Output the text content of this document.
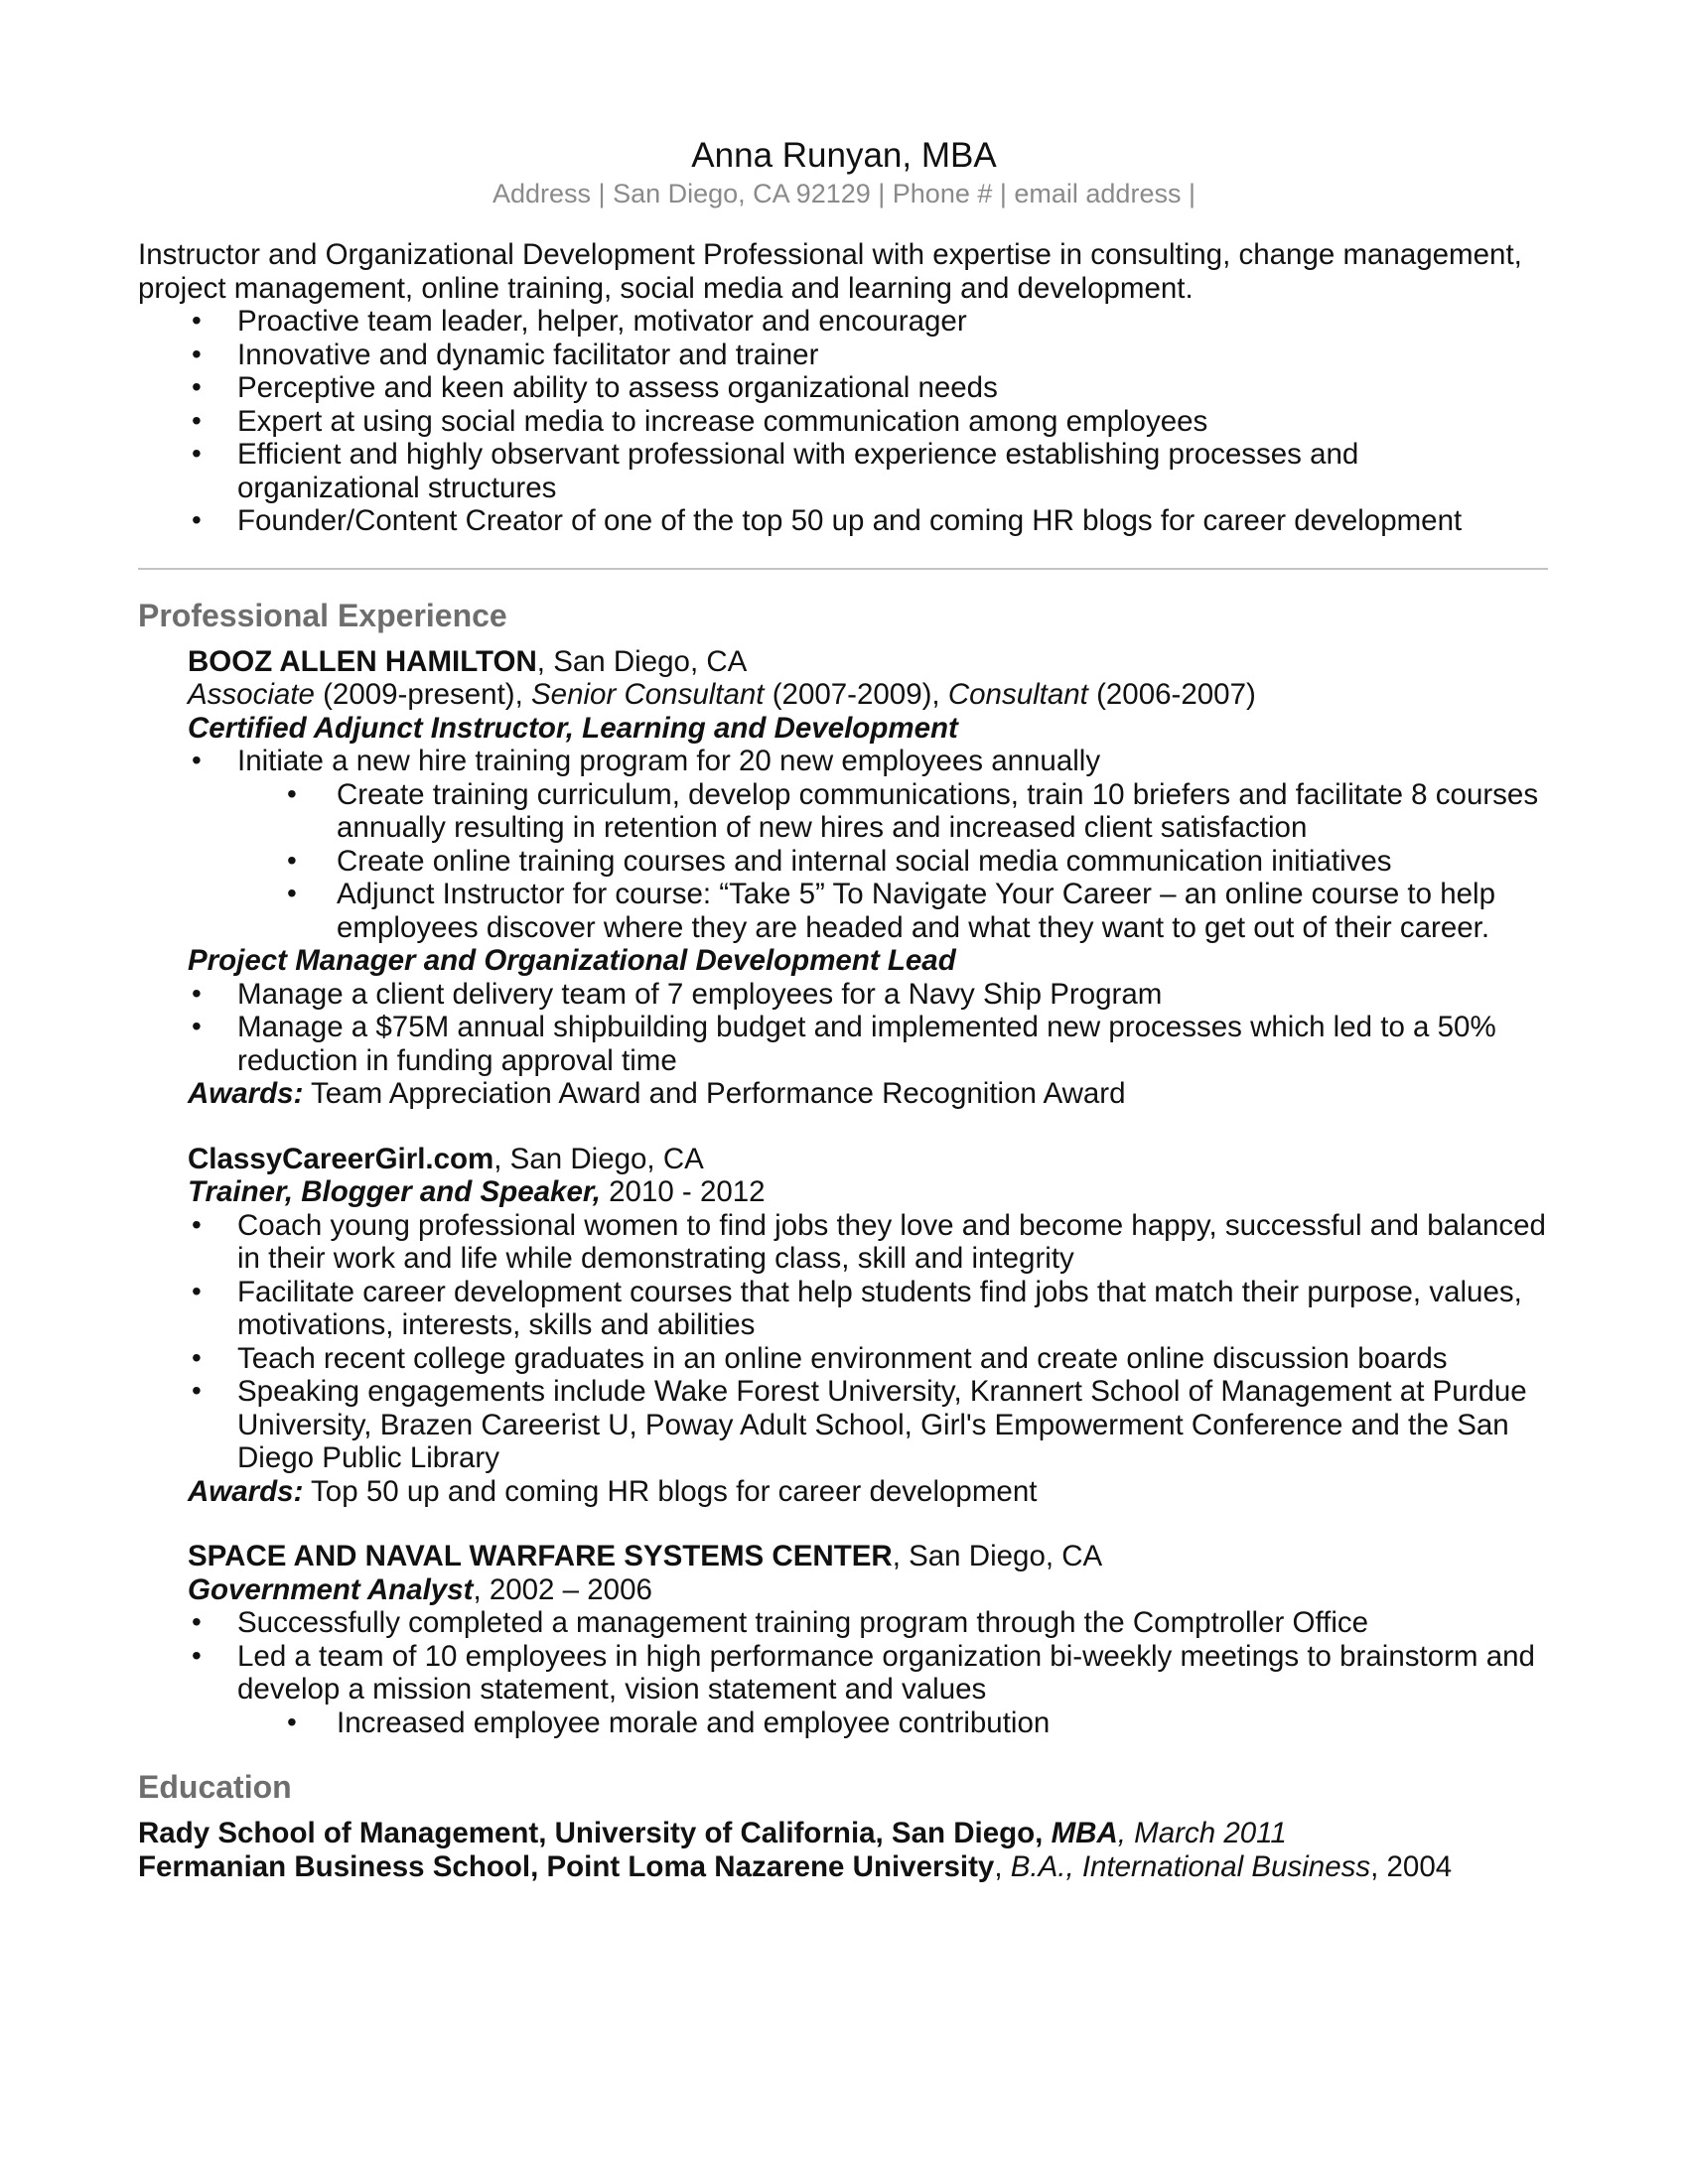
Anna Runyan, MBA

Address | San Diego, CA 92129 | Phone # | email address |

Instructor and Organizational Development Professional with expertise in consulting, change management, project management, online training, social media and learning and development.

• Proactive team leader, helper, motivator and encourager
• Innovative and dynamic facilitator and trainer
• Perceptive and keen ability to assess organizational needs
• Expert at using social media to increase communication among employees
• Efficient and highly observant professional with experience establishing processes and organizational structures
• Founder/Content Creator of one of the top 50 up and coming HR blogs for career development

Professional Experience

BOOZ ALLEN HAMILTON, San Diego, CA
Associate (2009-present), Senior Consultant (2007-2009), Consultant (2006-2007)
Certified Adjunct Instructor, Learning and Development
• Initiate a new hire training program for 20 new employees annually
• Create training curriculum, develop communications, train 10 briefers and facilitate 8 courses annually resulting in retention of new hires and increased client satisfaction
• Create online training courses and internal social media communication initiatives
• Adjunct Instructor for course: “Take 5” To Navigate Your Career – an online course to help employees discover where they are headed and what they want to get out of their career.
Project Manager and Organizational Development Lead
• Manage a client delivery team of 7 employees for a Navy Ship Program
• Manage a $75M annual shipbuilding budget and implemented new processes which led to a 50% reduction in funding approval time
Awards: Team Appreciation Award and Performance Recognition Award
ClassyCareerGirl.com, San Diego, CA
Trainer, Blogger and Speaker, 2010 - 2012
• Coach young professional women to find jobs they love and become happy, successful and balanced in their work and life while demonstrating class, skill and integrity
• Facilitate career development courses that help students find jobs that match their purpose, values, motivations, interests, skills and abilities
• Teach recent college graduates in an online environment and create online discussion boards
• Speaking engagements include Wake Forest University, Krannert School of Management at Purdue University, Brazen Careerist U, Poway Adult School, Girl's Empowerment Conference and the San Diego Public Library
Awards: Top 50 up and coming HR blogs for career development
SPACE AND NAVAL WARFARE SYSTEMS CENTER, San Diego, CA
Government Analyst, 2002 – 2006
• Successfully completed a management training program through the Comptroller Office
• Led a team of 10 employees in high performance organization bi-weekly meetings to brainstorm and develop a mission statement, vision statement and values
• Increased employee morale and employee contribution

Education

Rady School of Management, University of California, San Diego, MBA, March 2011

Fermanian Business School, Point Loma Nazarene University, B.A., International Business, 2004
